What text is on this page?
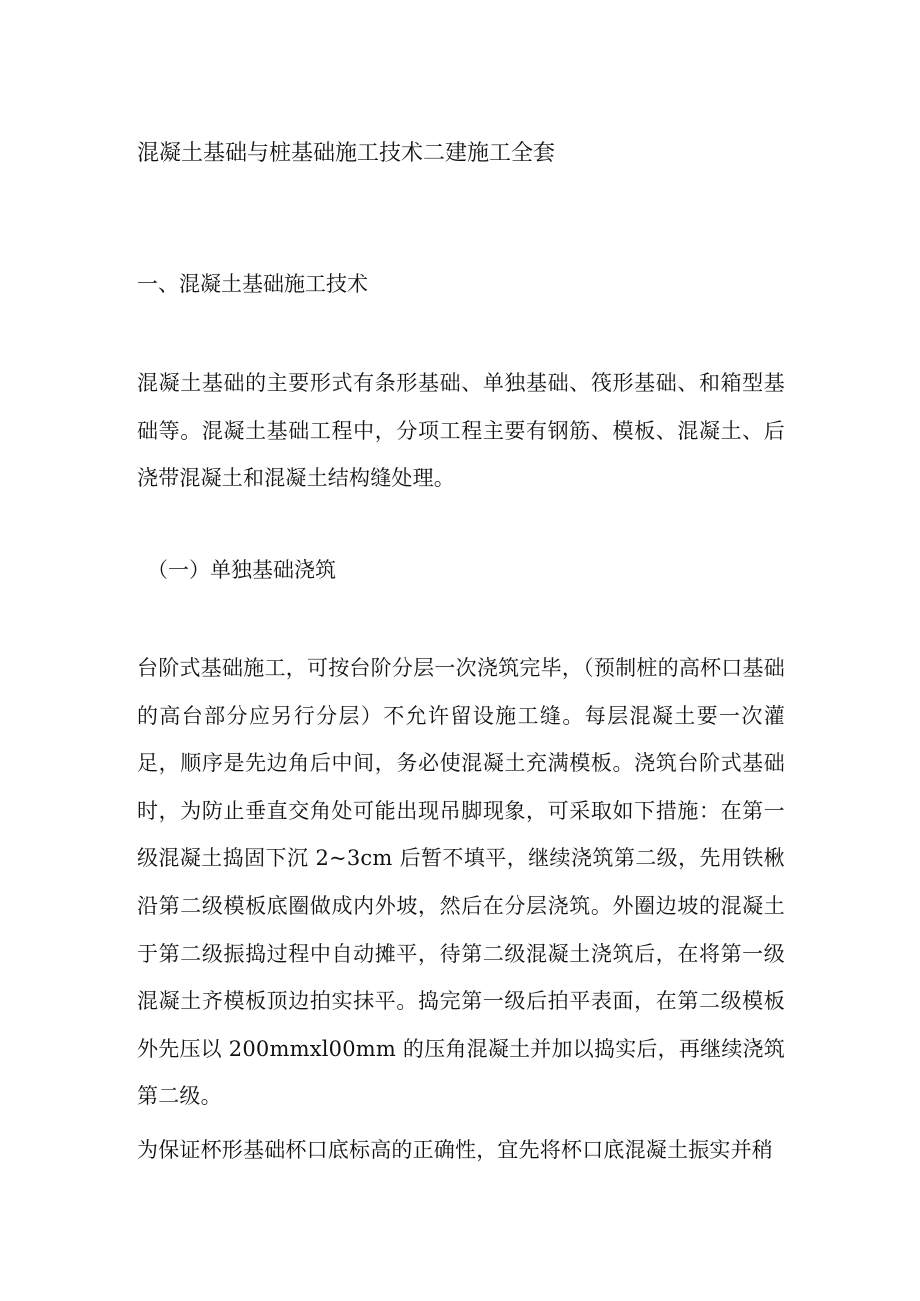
混凝土基础与桩基础施工技术二建施工全套
一、混凝土基础施工技术

混凝土基础的主要形式有条形基础、单独基础、筏形基础、和箱型基础等。混凝土基础工程中，分项工程主要有钢筋、模板、混凝土、后浇带混凝土和混凝土结构缝处理。

（一）单独基础浇筑

台阶式基础施工，可按台阶分层一次浇筑完毕，（预制桩的高杯口基础的高台部分应另行分层）不允许留设施工缝。每层混凝土要一次灌足，顺序是先边角后中间，务必使混凝土充满模板。浇筑台阶式基础时，为防止垂直交角处可能出现吊脚现象，可采取如下措施：在第一级混凝土捣固下沉 2~3cm 后暂不填平，继续浇筑第二级，先用铁楸沿第二级模板底圈做成内外坡，然后在分层浇筑。外圈边坡的混凝土于第二级振捣过程中自动摊平，待第二级混凝土浇筑后，在将第一级混凝土齐模板顶边拍实抹平。捣完第一级后拍平表面，在第二级模板外先压以 200mmxl00mm 的压角混凝土并加以捣实后，再继续浇筑第二级。

为保证杯形基础杯口底标高的正确性，宜先将杯口底混凝土振实并稍
